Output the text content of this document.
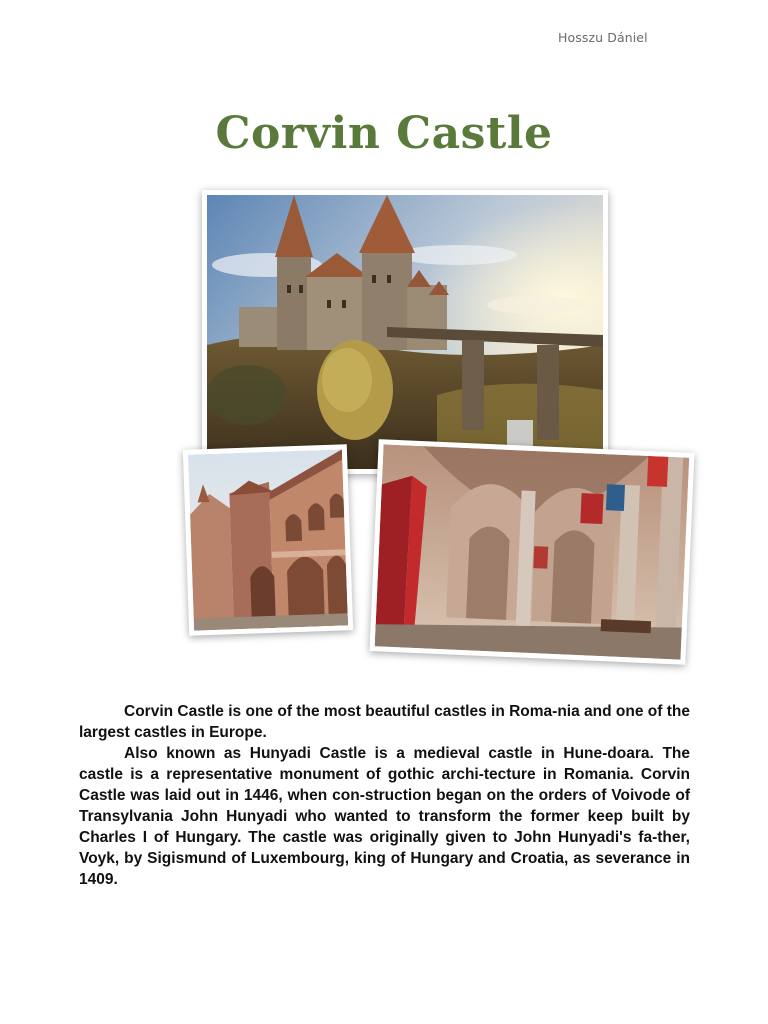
Hosszu Dániel
Corvin Castle

Corvin Castle is one of the most beautiful castles in Roma-nia and one of the largest castles in Europe.

Also known as Hunyadi Castle is a medieval castle in Hune-doara. The castle is a representative monument of gothic archi-tecture in Romania. Corvin Castle was laid out in 1446, when con-struction began on the orders of Voivode of Transylvania John Hunyadi who wanted to transform the former keep built by Charles I of Hungary. The castle was originally given to John Hunyadi's fa-ther, Voyk, by Sigismund of Luxembourg, king of Hungary and Croatia, as severance in 1409.
